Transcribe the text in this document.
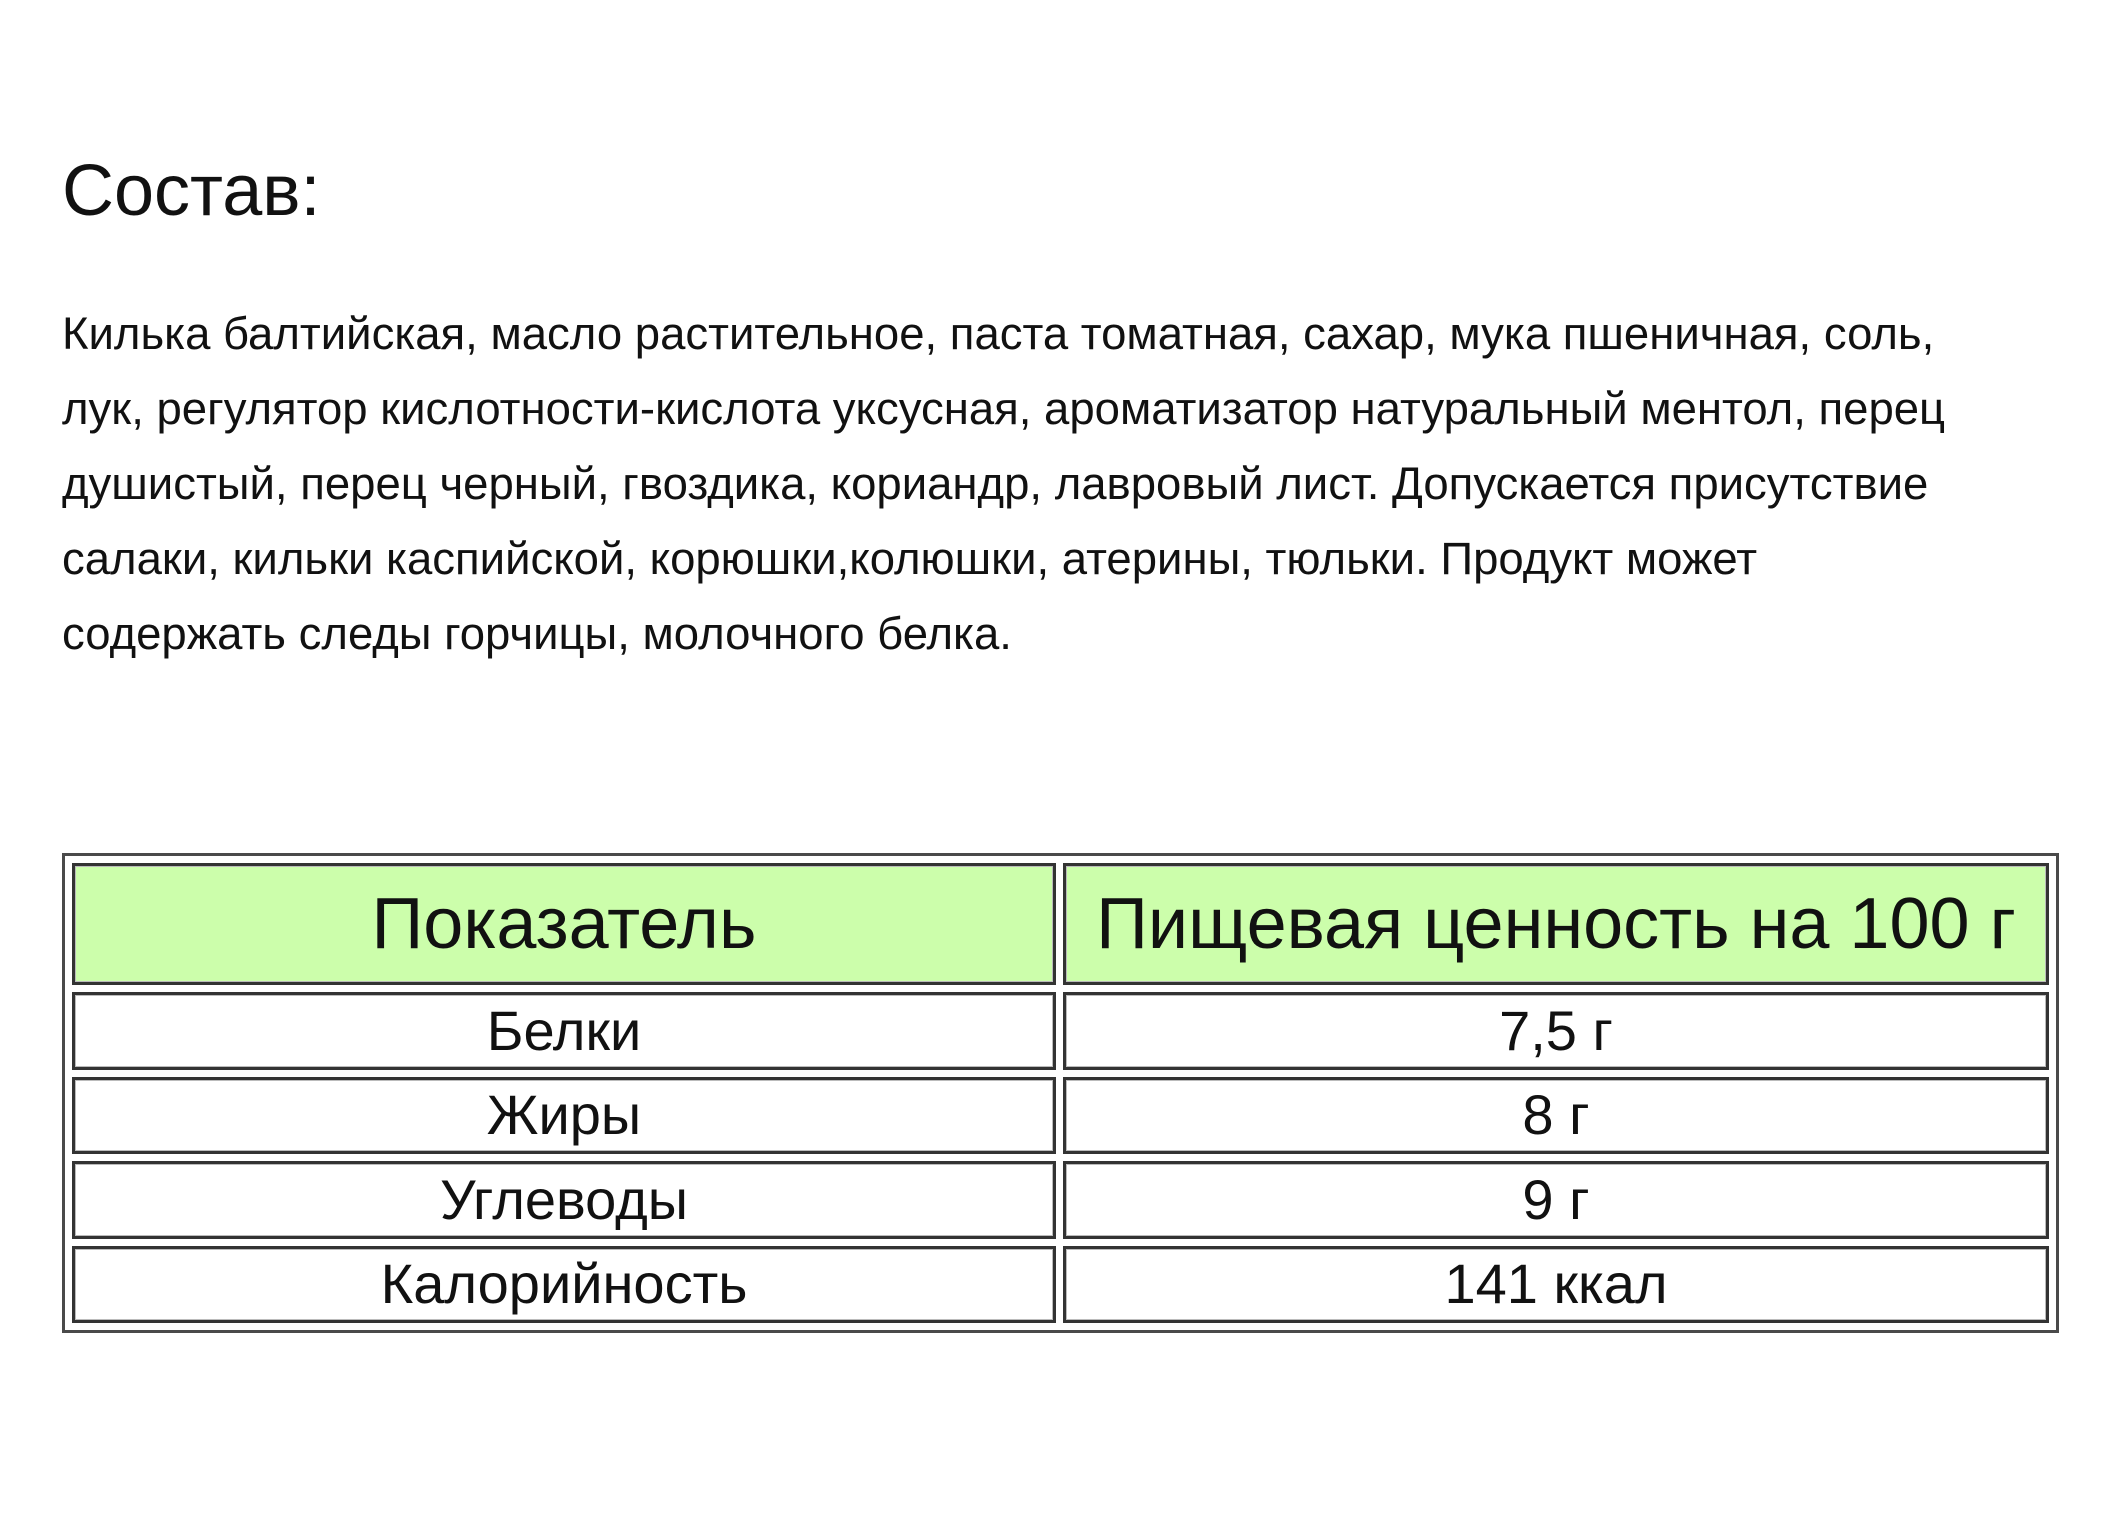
Состав:

Килька балтийская, масло растительное, паста томатная, сахар, мука пшеничная, соль,
лук, регулятор кислотности-кислота уксусная, ароматизатор натуральный ментол, перец
душистый, перец черный, гвоздика, кориандр, лавровый лист. Допускается присутствие
салаки, кильки каспийской, корюшки,колюшки, атерины, тюльки. Продукт может
содержать следы горчицы, молочного белка.

Показатель	Пищевая ценность на 100 г
Белки	7,5 г
Жиры	8 г
Углеводы	9 г
Калорийность	141 ккал
